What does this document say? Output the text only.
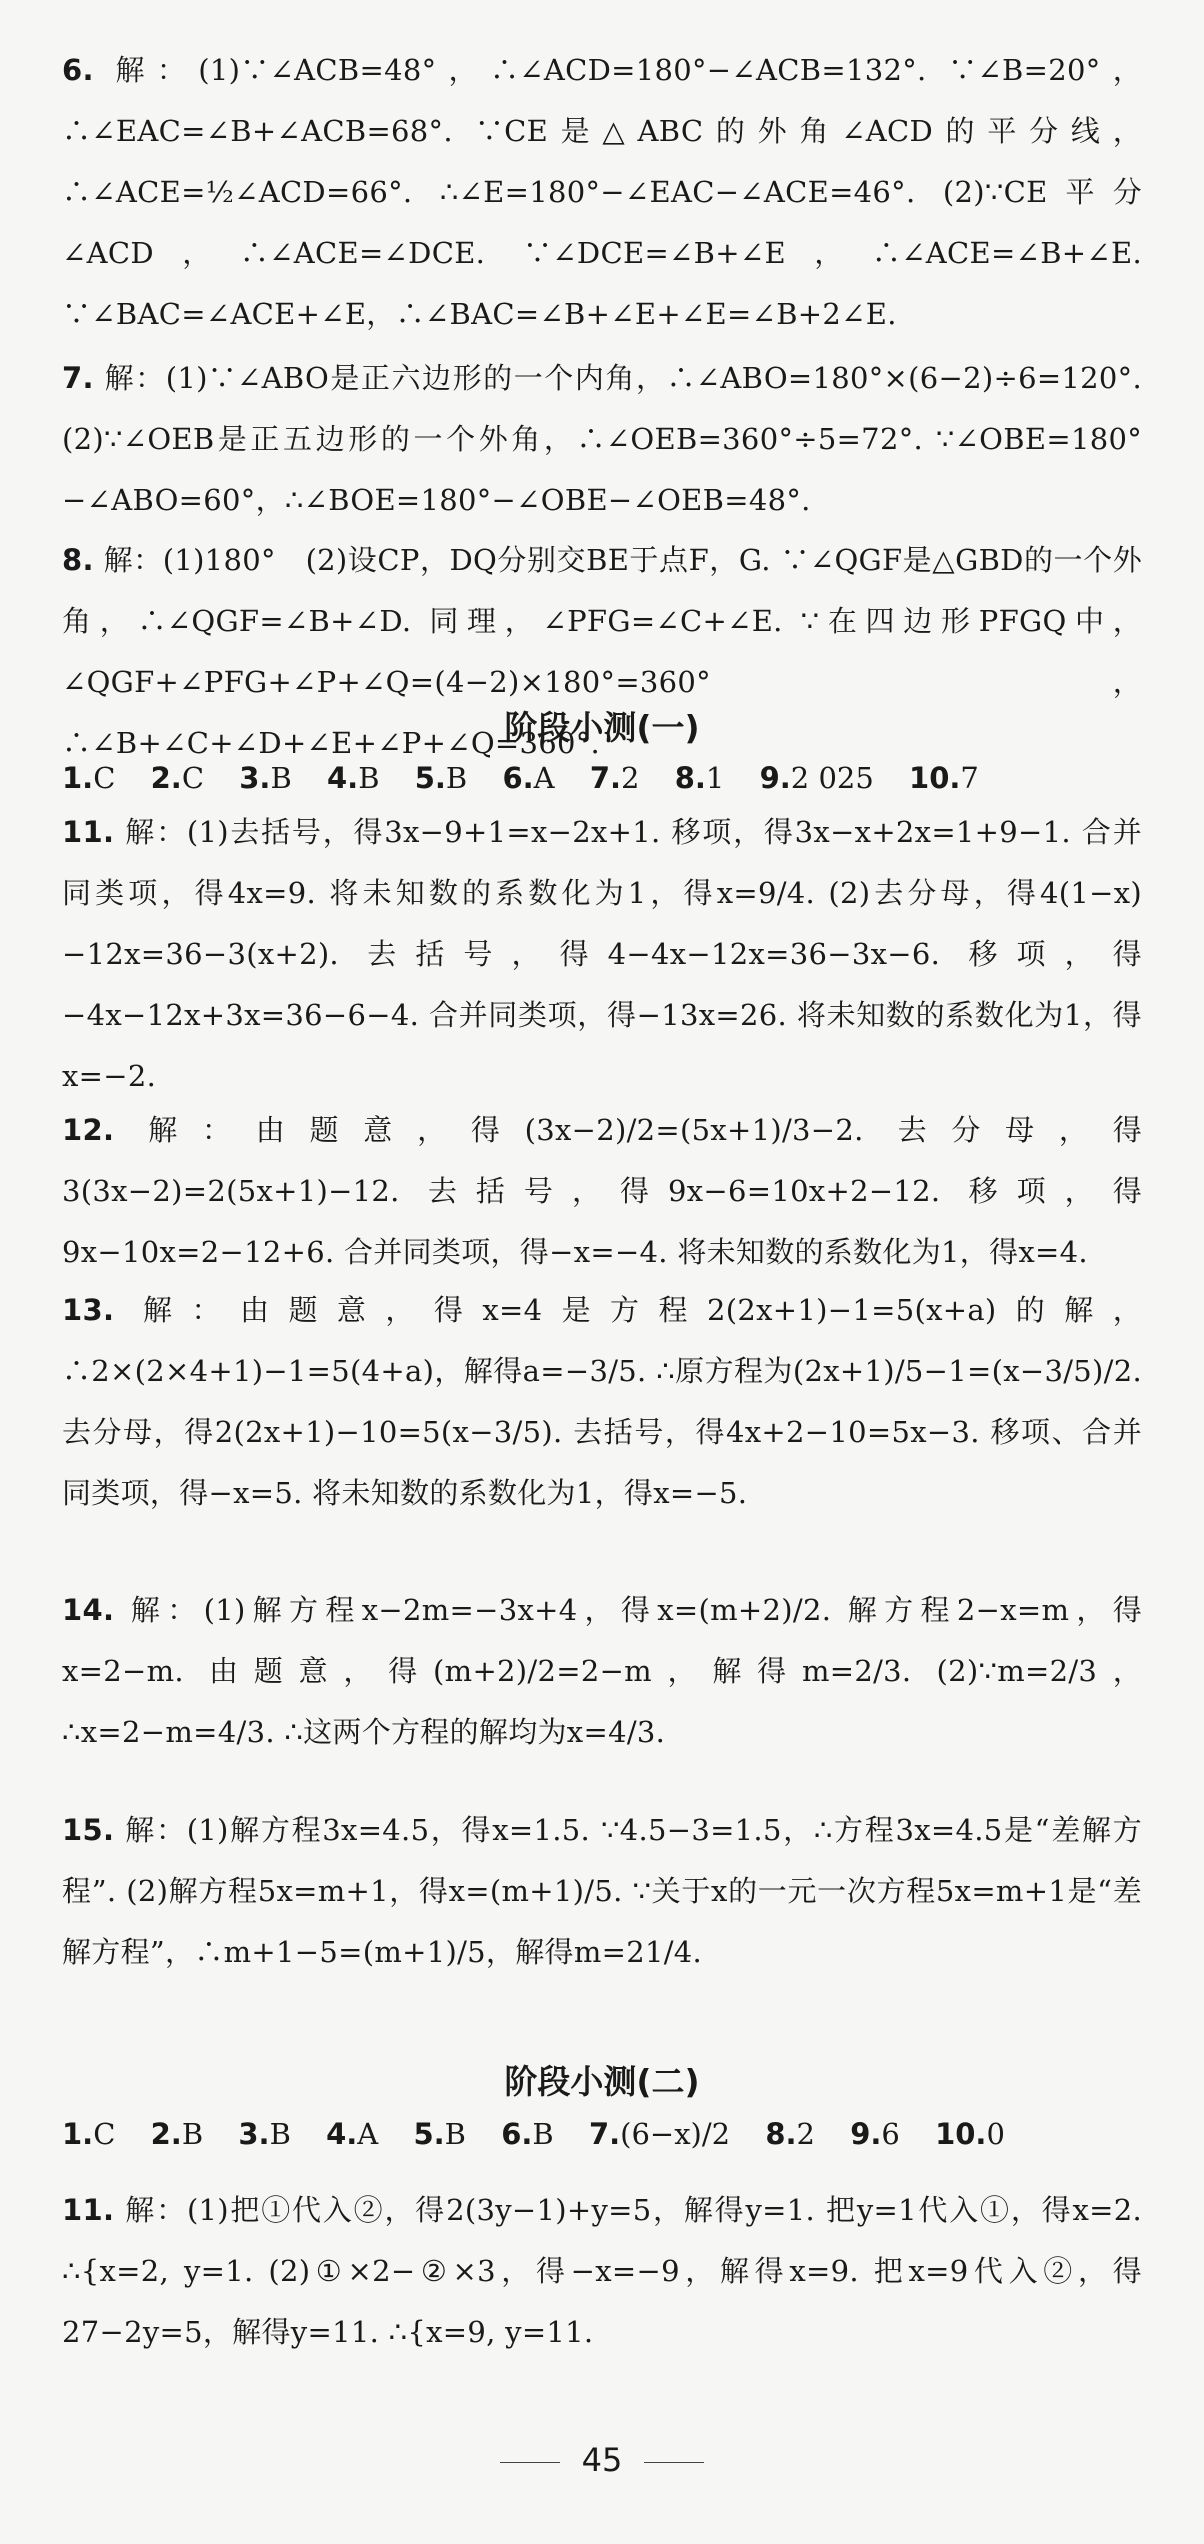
6. 解：(1)∵∠ACB=48°，∴∠ACD=180°−∠ACB=132°. ∵∠B=20°，∴∠EAC=∠B+∠ACB=68°. ∵CE是△ABC的外角∠ACD的平分线，∴∠ACE=½∠ACD=66°. ∴∠E=180°−∠EAC−∠ACE=46°. (2)∵CE平分∠ACD，∴∠ACE=∠DCE. ∵∠DCE=∠B+∠E，∴∠ACE=∠B+∠E. ∵∠BAC=∠ACE+∠E，∴∠BAC=∠B+∠E+∠E=∠B+2∠E.
7. 解：(1)∵∠ABO是正六边形的一个内角，∴∠ABO=180°×(6−2)÷6=120°. (2)∵∠OEB是正五边形的一个外角，∴∠OEB=360°÷5=72°. ∵∠OBE=180°−∠ABO=60°，∴∠BOE=180°−∠OBE−∠OEB=48°.
8. 解：(1)180°　(2)设CP，DQ分别交BE于点F，G. ∵∠QGF是△GBD的一个外角，∴∠QGF=∠B+∠D. 同理，∠PFG=∠C+∠E. ∵在四边形PFGQ中，∠QGF+∠PFG+∠P+∠Q=(4−2)×180°=360°，∴∠B+∠C+∠D+∠E+∠P+∠Q=360°.
阶段小测(一)
1.C 2.C 3.B 4.B 5.B 6.A 7.2 8.1 9.2 025 10.7
11. 解：(1)去括号，得3x−9+1=x−2x+1. 移项，得3x−x+2x=1+9−1. 合并同类项，得4x=9. 将未知数的系数化为1，得x=9/4. (2)去分母，得4(1−x)−12x=36−3(x+2). 去括号，得4−4x−12x=36−3x−6. 移项，得−4x−12x+3x=36−6−4. 合并同类项，得−13x=26. 将未知数的系数化为1，得x=−2.
12. 解：由题意，得(3x−2)/2=(5x+1)/3−2. 去分母，得3(3x−2)=2(5x+1)−12. 去括号，得9x−6=10x+2−12. 移项，得9x−10x=2−12+6. 合并同类项，得−x=−4. 将未知数的系数化为1，得x=4.
13. 解：由题意，得x=4是方程2(2x+1)−1=5(x+a)的解，∴2×(2×4+1)−1=5(4+a)，解得a=−3/5. ∴原方程为(2x+1)/5−1=(x−3/5)/2. 去分母，得2(2x+1)−10=5(x−3/5). 去括号，得4x+2−10=5x−3. 移项、合并同类项，得−x=5. 将未知数的系数化为1，得x=−5.
14. 解：(1)解方程x−2m=−3x+4，得x=(m+2)/2. 解方程2−x=m，得x=2−m. 由题意，得(m+2)/2=2−m，解得m=2/3. (2)∵m=2/3，∴x=2−m=4/3. ∴这两个方程的解均为x=4/3.
15. 解：(1)解方程3x=4.5，得x=1.5. ∵4.5−3=1.5，∴方程3x=4.5是“差解方程”. (2)解方程5x=m+1，得x=(m+1)/5. ∵关于x的一元一次方程5x=m+1是“差解方程”，∴m+1−5=(m+1)/5，解得m=21/4.
阶段小测(二)
1.C 2.B 3.B 4.A 5.B 6.B 7.(6−x)/2 8.2 9.6 10.0
11. 解：(1)把①代入②，得2(3y−1)+y=5，解得y=1. 把y=1代入①，得x=2. ∴{x=2, y=1. (2)①×2−②×3，得−x=−9，解得x=9. 把x=9代入②，得27−2y=5，解得y=11. ∴{x=9, y=11.
45
